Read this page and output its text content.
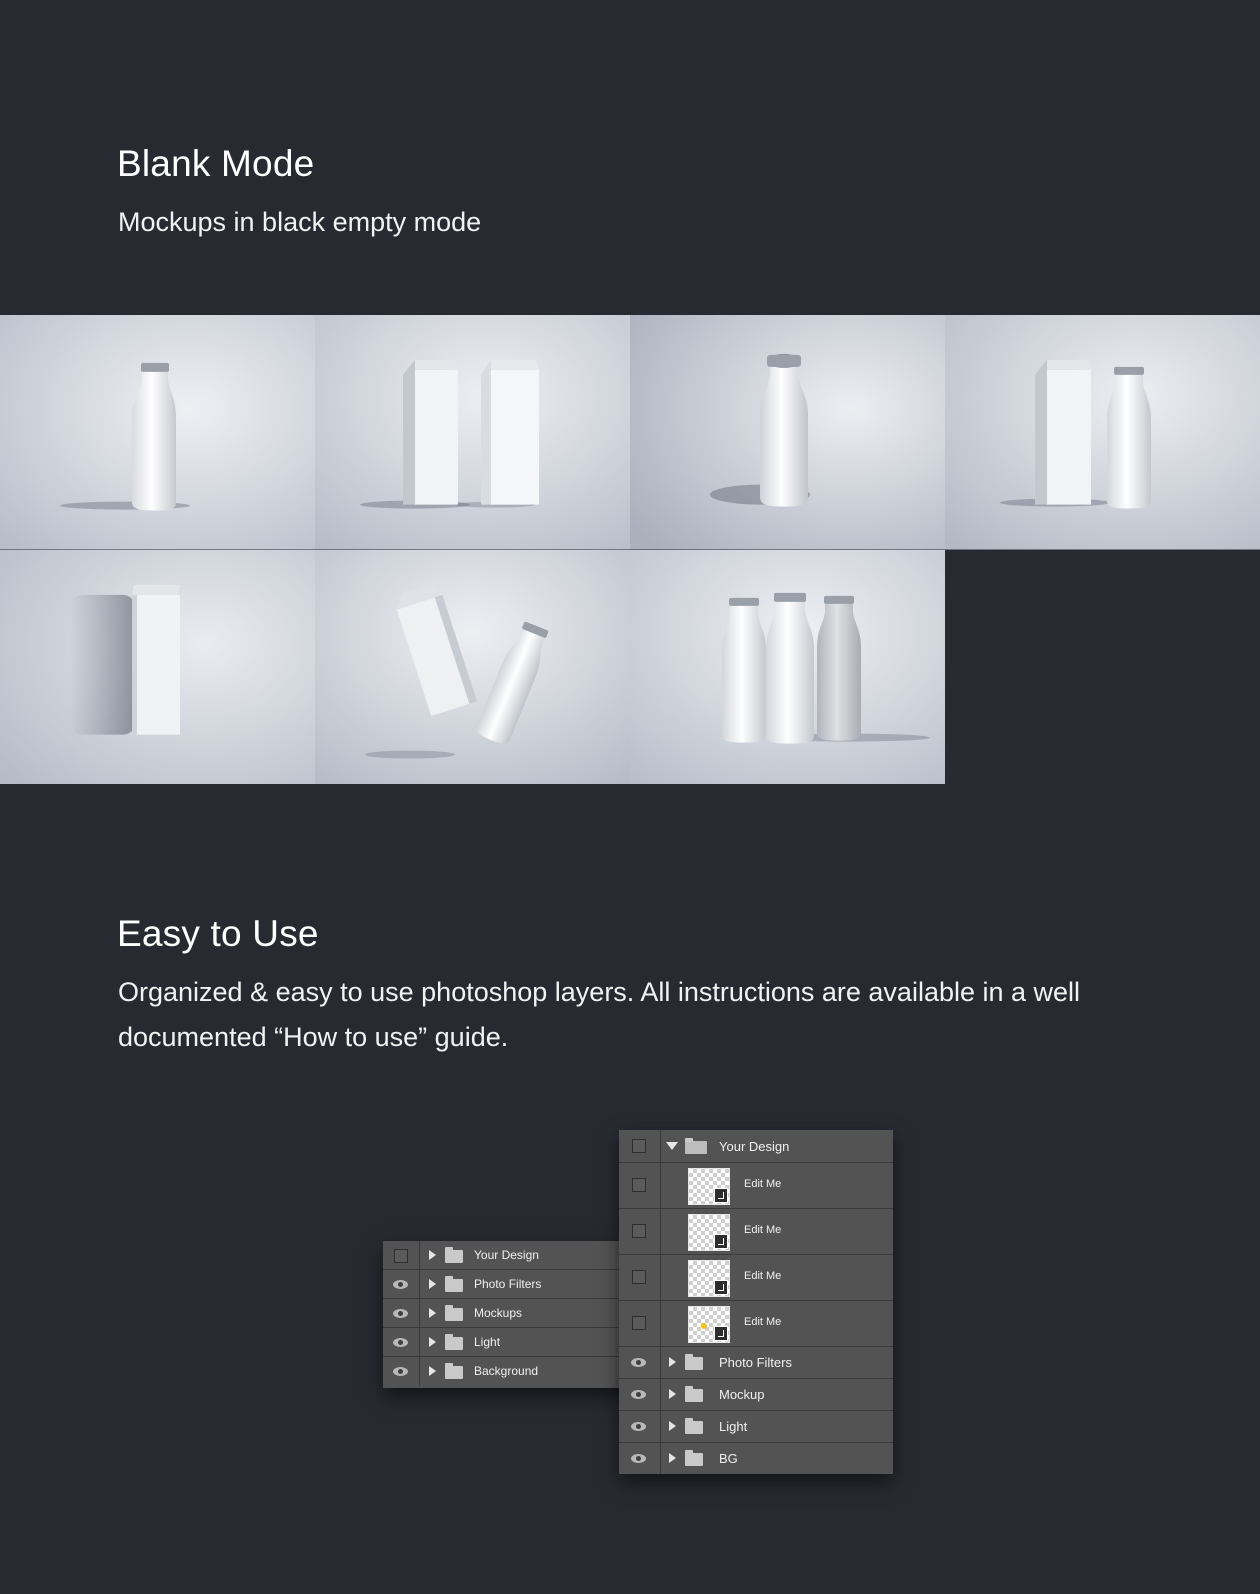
Blank Mode

Mockups in black empty mode

Easy to Use

Organized & easy to use photoshop layers. All instructions are available in a well documented “How to use” guide.

Your Design
Photo Filters
Mockups
Light
Background
Your Design
Edit Me
Edit Me
Edit Me
Edit Me
Photo Filters
Mockup
Light
BG
